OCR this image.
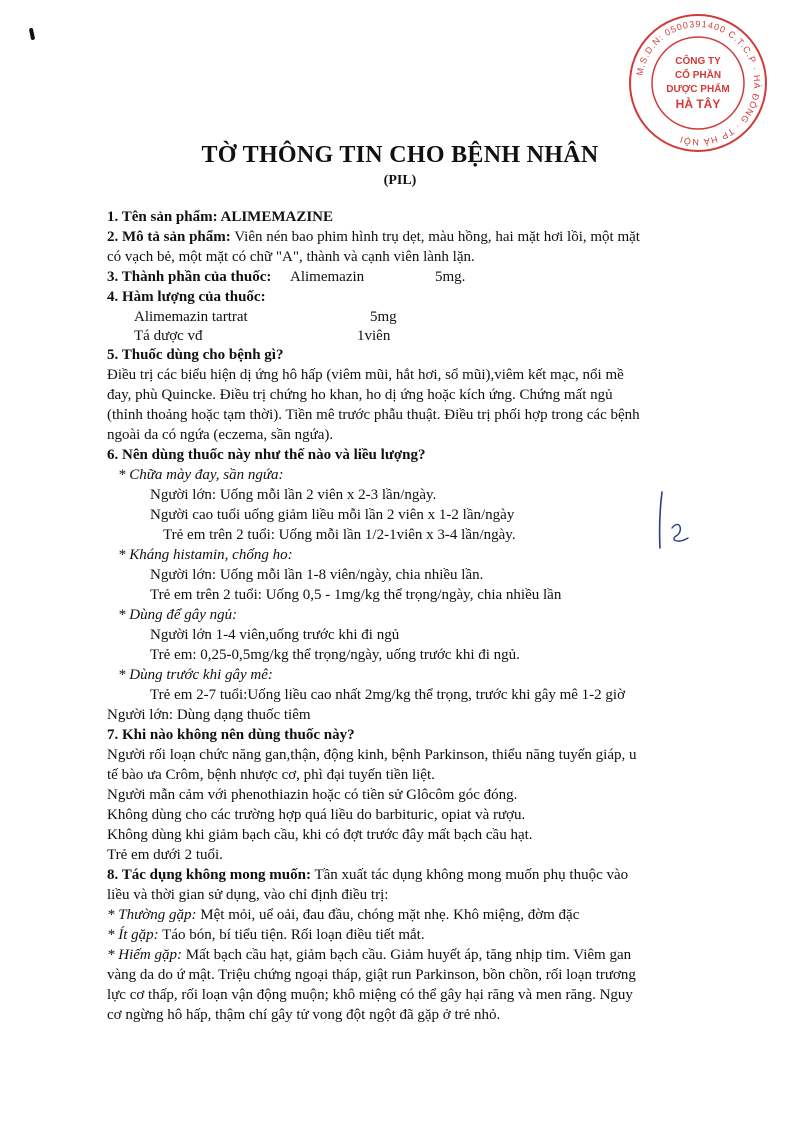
M.S.D.N: 0500391400 C.T.C.P · HÀ ĐÔNG · TP HÀ NỘI
CÔNG TY
CỔ PHẦN
DƯỢC PHẨM
HÀ TÂY
TỜ THÔNG TIN CHO BỆNH NHÂN
(PIL)
1. Tên sản phẩm: ALIMEMAZINE
2. Mô tả sản phẩm: Viên nén bao phim hình trụ dẹt, màu hồng, hai mặt hơi lồi, một mặt
có vạch bẻ, một mặt có chữ "A", thành và cạnh viên lành lặn.
3. Thành phần của thuốc: Alimemazin	5mg.
4. Hàm lượng của thuốc:
Alimemazin tartrat	5mg
Tá dược vđ	1viên
5. Thuốc dùng cho bệnh gì?
Điều trị các biểu hiện dị ứng hô hấp (viêm mũi, hắt hơi, sổ mũi),viêm kết mạc, nổi mề
đay, phù Quincke. Điều trị chứng ho khan, ho dị ứng hoặc kích ứng. Chứng mất ngủ
(thỉnh thoảng hoặc tạm thời). Tiền mê trước phẫu thuật. Điều trị phối hợp trong các bệnh
ngoài da có ngứa (eczema, sần ngứa).
6. Nên dùng thuốc này như thế nào và liều lượng?
* Chữa mày đay, sần ngứa:
Người lớn: Uống mỗi lần 2 viên x 2-3 lần/ngày.
Người cao tuổi uống giảm liều mỗi lần 2 viên x 1-2 lần/ngày
Trẻ em trên 2 tuổi: Uống mỗi lần 1/2-1viên x 3-4 lần/ngày.
* Kháng histamin, chống ho:
Người lớn: Uống mỗi lần 1-8 viên/ngày, chia nhiều lần.
Trẻ em trên 2 tuổi: Uống 0,5 - 1mg/kg thể trọng/ngày, chia nhiều lần
* Dùng để gây ngủ:
Người lớn 1-4 viên,uống trước khi đi ngủ
Trẻ em: 0,25-0,5mg/kg thể trọng/ngày, uống trước khi đi ngủ.
* Dùng trước khi gây mê:
Trẻ em 2-7 tuổi:Uống liều cao nhất 2mg/kg thể trọng, trước khi gây mê 1-2 giờ
Người lớn: Dùng dạng thuốc tiêm
7. Khi nào không nên dùng thuốc này?
Người rối loạn chức năng gan,thận, động kinh, bệnh Parkinson, thiểu năng tuyến giáp, u
tế bào ưa Crôm, bệnh nhược cơ, phì đại tuyến tiền liệt.
Người mẫn cảm với phenothiazin hoặc có tiền sử Glôcôm góc đóng.
Không dùng cho các trường hợp quá liều do barbituric, opiat và rượu.
Không dùng khi giảm bạch cầu, khi có đợt trước đây mất bạch cầu hạt.
Trẻ em dưới 2 tuổi.
8. Tác dụng không mong muốn: Tần xuất tác dụng không mong muốn phụ thuộc vào
liều và thời gian sử dụng, vào chỉ định điều trị:
* Thường gặp: Mệt mỏi, uể oải, đau đầu, chóng mặt nhẹ. Khô miệng, đờm đặc
* Ít gặp: Táo bón, bí tiểu tiện. Rối loạn điều tiết mắt.
* Hiếm gặp: Mất bạch cầu hạt, giảm bạch cầu. Giảm huyết áp, tăng nhịp tim. Viêm gan
vàng da do ứ mật. Triệu chứng ngoại tháp, giật run Parkinson, bồn chồn, rối loạn trương
lực cơ thấp, rối loạn vận động muộn; khô miệng có thể gây hại răng và men răng. Nguy
cơ ngừng hô hấp, thậm chí gây tử vong đột ngột đã gặp ở trẻ nhỏ.
